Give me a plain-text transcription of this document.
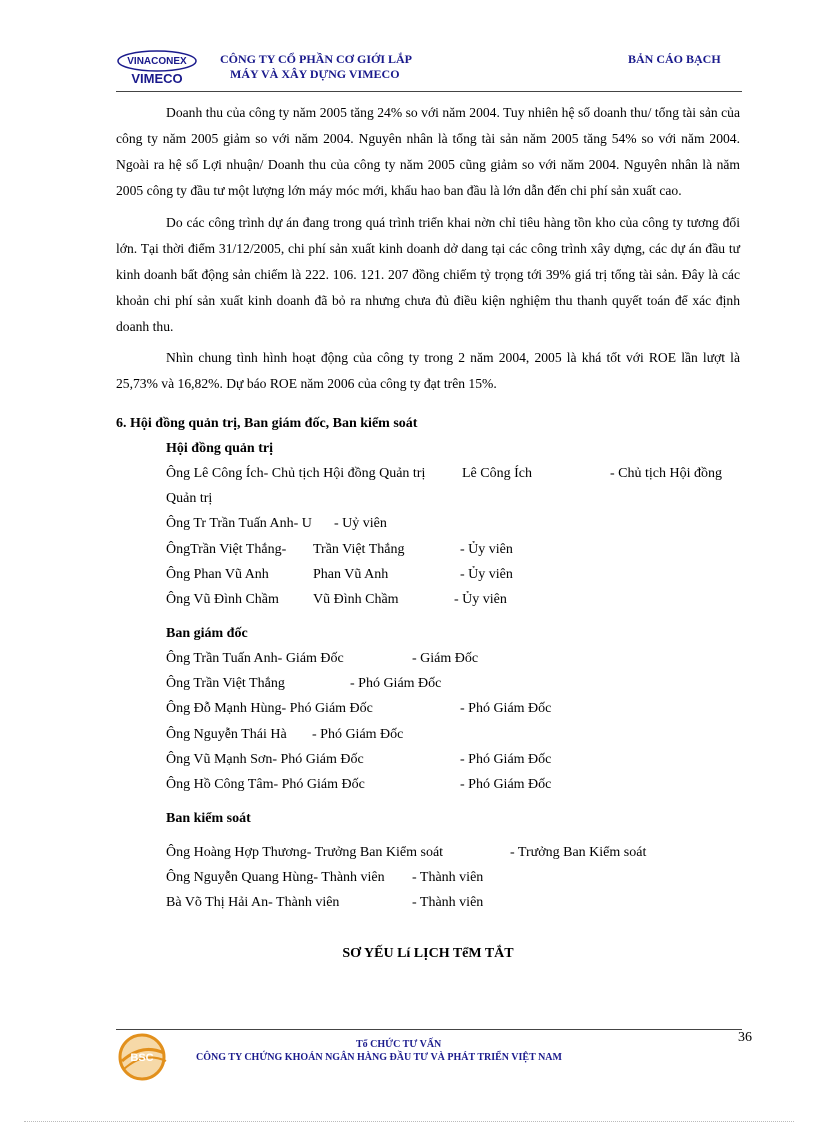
VINACONEX
VIMECO
CÔNG TY CỔ PHẦN CƠ GIỚI LẮP
MÁY VÀ XÂY DỰNG VIMECO
BẢN CÁO BẠCH

Doanh thu của công ty năm 2005 tăng 24% so với năm 2004. Tuy nhiên hệ số doanh thu/ tổng tài sản của công ty năm 2005 giảm so với năm 2004. Nguyên nhân là tổng tài sản năm 2005 tăng 54% so với năm 2004. Ngoài ra hệ số Lợi nhuận/ Doanh thu của công ty năm 2005 cũng giảm so với năm 2004. Nguyên nhân là năm 2005 công ty đầu tư một lượng lớn máy móc mới, khấu hao ban đầu là lớn dẫn đến chi phí sản xuất cao.

Do các công trình dự án đang trong quá trình triển khai nờn chỉ tiêu hàng tồn kho của công ty tương đối lớn. Tại thời điểm 31/12/2005, chi phí sản xuất kinh doanh dở dang tại các công trình xây dựng, các dự án đầu tư kinh doanh bất động sản chiếm là 222. 106. 121. 207 đồng chiếm tỷ trọng tới 39% giá trị tổng tài sản. Đây là các khoản chi phí sản xuất kinh doanh đã bỏ ra nhưng chưa đủ điều kiện nghiệm thu thanh quyết toán để xác định doanh thu.

Nhìn chung tình hình hoạt động của công ty trong 2 năm 2004, 2005 là khá tốt với ROE lần lượt là 25,73% và 16,82%. Dự báo ROE năm 2006 của công ty đạt trên 15%.

6. Hội đồng quản trị, Ban giám đốc, Ban kiểm soát
Hội đồng quản trị
Ông Lê Công Ích- Chủ tịch Hội đồng Quản trị	Lê Công Ích	- Chủ tịch Hội đồng
Quản trị
Ông Tr Trần Tuấn Anh- U - Uỷ viên
ÔngTrần Việt Thắng- Trần Việt Thắng	- Ủy viên
Ông Phan Vũ Anh	Phan Vũ Anh	- Ủy viên
Ông Vũ Đình Chầm Vũ Đình Chầm	- Ủy viên
Ban giám đốc
Ông Trần Tuấn Anh- Giám Đốc	- Giám Đốc
Ông Trần Việt Thắng	- Phó Giám Đốc
Ông Đỗ Mạnh Hùng- Phó Giám Đốc	- Phó Giám Đốc
Ông Nguyễn Thái Hà - Phó Giám Đốc
Ông Vũ Mạnh Sơn- Phó Giám Đốc	- Phó Giám Đốc
Ông Hồ Công Tâm- Phó Giám Đốc	- Phó Giám Đốc
Ban kiểm soát
Ông Hoàng Hợp Thương- Trưởng Ban Kiểm soát	- Trưởng Ban Kiểm soát
Ông Nguyễn Quang Hùng- Thành viên - Thành viên
Bà Võ Thị Hải An- Thành viên	- Thành viên
SƠ YẾU Lí LỊCH TểM TẮT
36
BSC
Tổ CHỨC TƯ VẤN
CÔNG TY CHỨNG KHOÁN NGÂN HÀNG ĐẦU TƯ VÀ PHÁT TRIỂN VIỆT NAM
